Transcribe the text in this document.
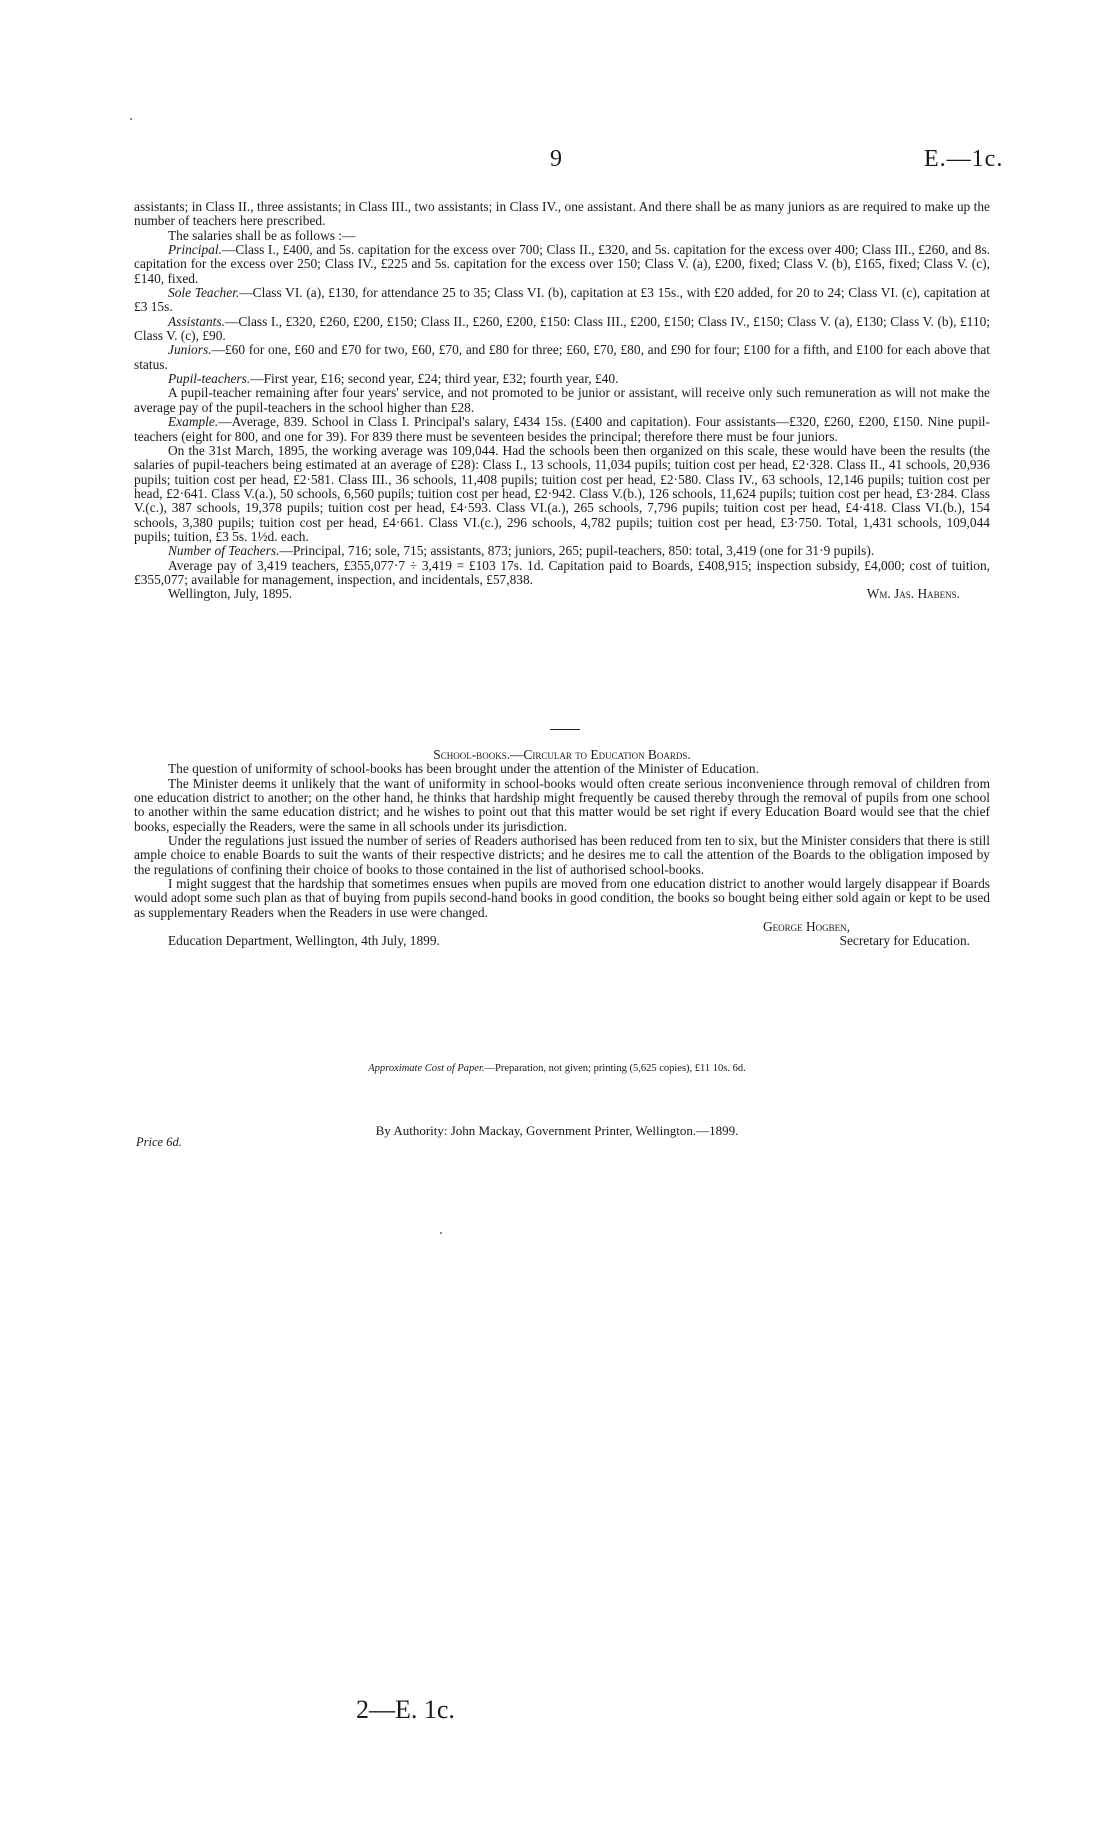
9	E.—1c.

assistants; in Class II., three assistants; in Class III., two assistants; in Class IV., one assistant. And there shall be as many juniors as are required to make up the number of teachers here prescribed.

The salaries shall be as follows :—

Principal.—Class I., £400, and 5s. capitation for the excess over 700; Class II., £320, and 5s. capitation for the excess over 400; Class III., £260, and 8s. capitation for the excess over 250; Class IV., £225 and 5s. capitation for the excess over 150; Class V. (a), £200, fixed; Class V. (b), £165, fixed; Class V. (c), £140, fixed.

Sole Teacher.—Class VI. (a), £130, for attendance 25 to 35; Class VI. (b), capitation at £3 15s., with £20 added, for 20 to 24; Class VI. (c), capitation at £3 15s.

Assistants.—Class I., £320, £260, £200, £150; Class II., £260, £200, £150: Class III., £200, £150; Class IV., £150; Class V. (a), £130; Class V. (b), £110; Class V. (c), £90.

Juniors.—£60 for one, £60 and £70 for two, £60, £70, and £80 for three; £60, £70, £80, and £90 for four; £100 for a fifth, and £100 for each above that status.

Pupil-teachers.—First year, £16; second year, £24; third year, £32; fourth year, £40.

A pupil-teacher remaining after four years' service, and not promoted to be junior or assistant, will receive only such remuneration as will not make the average pay of the pupil-teachers in the school higher than £28.

Example.—Average, 839. School in Class I. Principal's salary, £434 15s. (£400 and capitation). Four assistants—£320, £260, £200, £150. Nine pupil-teachers (eight for 800, and one for 39). For 839 there must be seventeen besides the principal; therefore there must be four juniors.

On the 31st March, 1895, the working average was 109,044. Had the schools been then organized on this scale, these would have been the results (the salaries of pupil-teachers being estimated at an average of £28): Class I., 13 schools, 11,034 pupils; tuition cost per head, £2·328. Class II., 41 schools, 20,936 pupils; tuition cost per head, £2·581. Class III., 36 schools, 11,408 pupils; tuition cost per head, £2·580. Class IV., 63 schools, 12,146 pupils; tuition cost per head, £2·641. Class V.(a.), 50 schools, 6,560 pupils; tuition cost per head, £2·942. Class V.(b.), 126 schools, 11,624 pupils; tuition cost per head, £3·284. Class V.(c.), 387 schools, 19,378 pupils; tuition cost per head, £4·593. Class VI.(a.), 265 schools, 7,796 pupils; tuition cost per head, £4·418. Class VI.(b.), 154 schools, 3,380 pupils; tuition cost per head, £4·661. Class VI.(c.), 296 schools, 4,782 pupils; tuition cost per head, £3·750. Total, 1,431 schools, 109,044 pupils; tuition, £3 5s. 1½d. each.

Number of Teachers.—Principal, 716; sole, 715; assistants, 873; juniors, 265; pupil-teachers, 850: total, 3,419 (one for 31·9 pupils).

Average pay of 3,419 teachers, £355,077·7 ÷ 3,419 = £103 17s. 1d. Capitation paid to Boards, £408,915; inspection subsidy, £4,000; cost of tuition, £355,077; available for management, inspection, and incidentals, £57,838.

Wellington, July, 1895.	Wm. Jas. Habens.

School-books.—Circular to Education Boards.

The question of uniformity of school-books has been brought under the attention of the Minister of Education.

The Minister deems it unlikely that the want of uniformity in school-books would often create serious inconvenience through removal of children from one education district to another; on the other hand, he thinks that hardship might frequently be caused thereby through the removal of pupils from one school to another within the same education district; and he wishes to point out that this matter would be set right if every Education Board would see that the chief books, especially the Readers, were the same in all schools under its jurisdiction.

Under the regulations just issued the number of series of Readers authorised has been reduced from ten to six, but the Minister considers that there is still ample choice to enable Boards to suit the wants of their respective districts; and he desires me to call the attention of the Boards to the obligation imposed by the regulations of confining their choice of books to those contained in the list of authorised school-books.

I might suggest that the hardship that sometimes ensues when pupils are moved from one education district to another would largely disappear if Boards would adopt some such plan as that of buying from pupils second-hand books in good condition, the books so bought being either sold again or kept to be used as supplementary Readers when the Readers in use were changed.

George Hogben,
Education Department, Wellington, 4th July, 1899.	Secretary for Education.
Approximate Cost of Paper.—Preparation, not given; printing (5,625 copies), £11 10s. 6d.
By Authority: John Mackay, Government Printer, Wellington.—1899.
Price 6d.
2—E. 1c.
